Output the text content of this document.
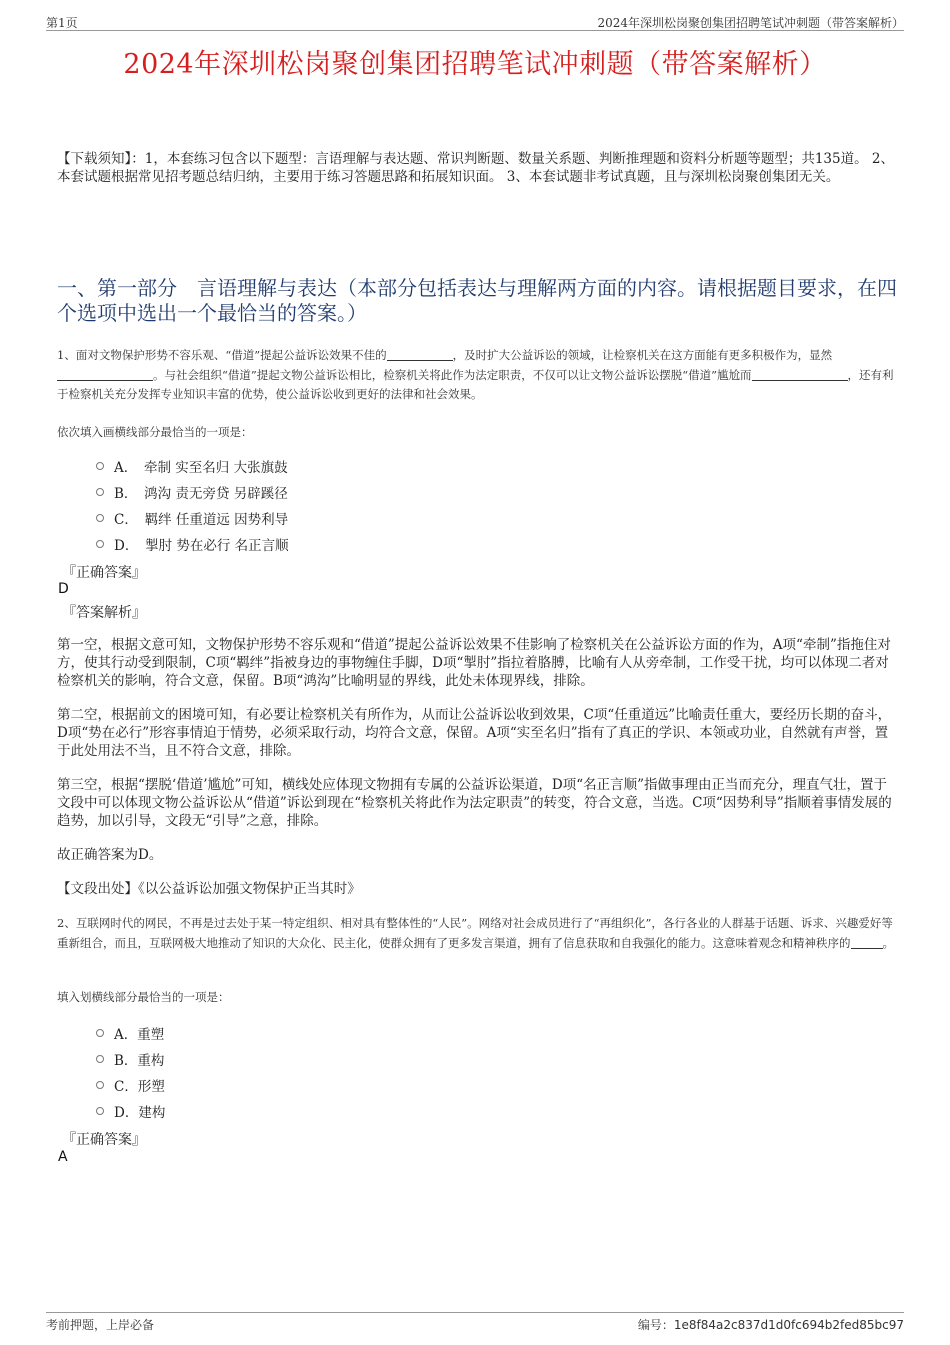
第1页	2024年深圳松岗聚创集团招聘笔试冲刺题（带答案解析）
2024年深圳松岗聚创集团招聘笔试冲刺题（带答案解析）
【下载须知】：1，本套练习包含以下题型：言语理解与表达题、常识判断题、数量关系题、判断推理题和资料分析题等题型；共135道。 2、本套试题根据常见招考题总结归纳，主要用于练习答题思路和拓展知识面。 3、本套试题非考试真题，且与深圳松岗聚创集团无关。
一、第一部分　言语理解与表达（本部分包括表达与理解两方面的内容。请根据题目要求，在四个选项中选出一个最恰当的答案。）
1、面对文物保护形势不容乐观、“借道”提起公益诉讼效果不佳的	，及时扩大公益诉讼的领域，让检察机关在这方面能有更多积极作为，显然。与社会组织“借道”提起文物公益诉讼相比，检察机关将此作为法定职责，不仅可以让文物公益诉讼摆脱“借道”尴尬而	，还有利于检察机关充分发挥专业知识丰富的优势，使公益诉讼收到更好的法律和社会效果。
依次填入画横线部分最恰当的一项是：
A．　牵制 实至名归 大张旗鼓
B．　鸿沟 责无旁贷 另辟蹊径
C．　羁绊 任重道远 因势利导
D．　掣肘 势在必行 名正言顺
『正确答案』
D
『答案解析』
第一空，根据文意可知，文物保护形势不容乐观和“借道”提起公益诉讼效果不佳影响了检察机关在公益诉讼方面的作为，A项“牵制”指拖住对方，使其行动受到限制，C项“羁绊”指被身边的事物缠住手脚，D项“掣肘”指拉着胳膊，比喻有人从旁牵制，工作受干扰，均可以体现二者对检察机关的影响，符合文意，保留。B项“鸿沟”比喻明显的界线，此处未体现界线，排除。
第二空，根据前文的困境可知，有必要让检察机关有所作为，从而让公益诉讼收到效果，C项“任重道远”比喻责任重大，要经历长期的奋斗，D项“势在必行”形容事情迫于情势，必须采取行动，均符合文意，保留。A项“实至名归”指有了真正的学识、本领或功业，自然就有声誉，置于此处用法不当，且不符合文意，排除。
第三空，根据“摆脱‘借道’尴尬”可知，横线处应体现文物拥有专属的公益诉讼渠道，D项“名正言顺”指做事理由正当而充分，理直气壮，置于文段中可以体现文物公益诉讼从“借道”诉讼到现在“检察机关将此作为法定职责”的转变，符合文意，当选。C项“因势利导”指顺着事情发展的趋势，加以引导，文段无“引导”之意，排除。
故正确答案为D。
【文段出处】《以公益诉讼加强文物保护正当其时》
2、互联网时代的网民，不再是过去处于某一特定组织、相对具有整体性的“人民”。网络对社会成员进行了“再组织化”，各行各业的人群基于话题、诉求、兴趣爱好等重新组合，而且，互联网极大地推动了知识的大众化、民主化，使群众拥有了更多发言渠道，拥有了信息获取和自我强化的能力。这意味着观念和精神秩序的	。
填入划横线部分最恰当的一项是：
A．重塑
B．重构
C．形塑
D．建构
『正确答案』
A
考前押题，上岸必备	编号：1e8f84a2c837d1d0fc694b2fed85bc97
